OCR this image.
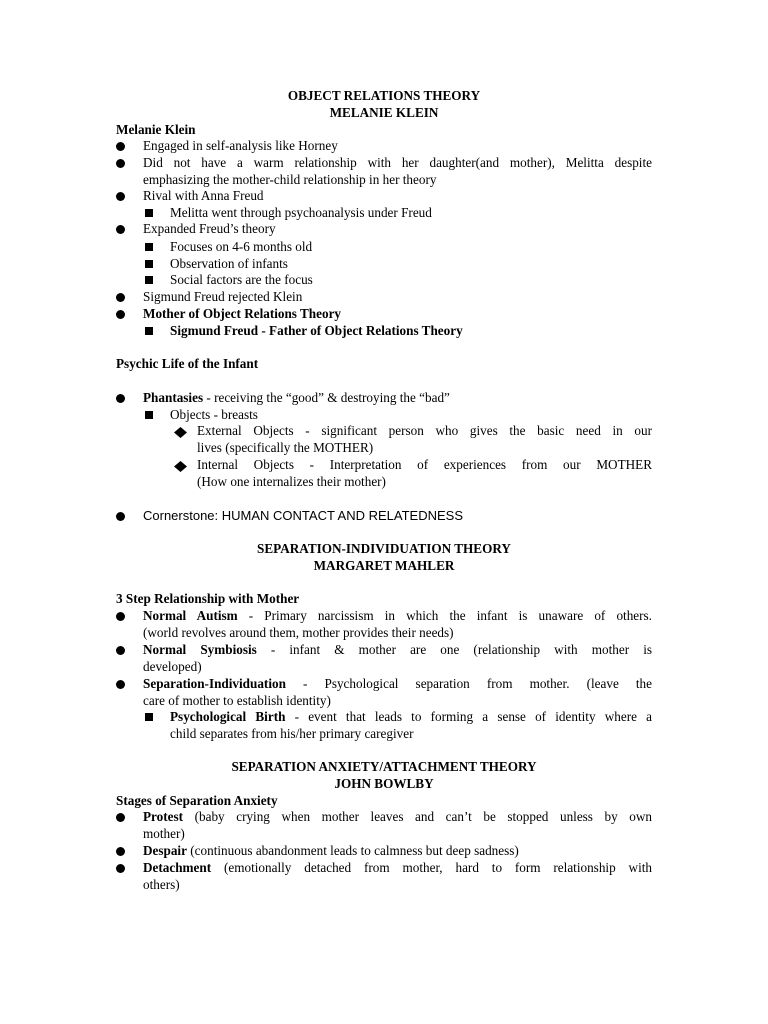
OBJECT RELATIONS THEORY

MELANIE KLEIN

Melanie Klein

Engaged in self-analysis like Horney

Did not have a warm relationship with her daughter(and mother), Melitta despite

emphasizing the mother-child relationship in her theory

Rival with Anna Freud

Melitta went through psychoanalysis under Freud

Expanded Freud’s theory

Focuses on 4-6 months old

Observation of infants

Social factors are the focus

Sigmund Freud rejected Klein

Mother of Object Relations Theory

Sigmund Freud - Father of Object Relations Theory

Psychic Life of the Infant

Phantasies - receiving the “good” & destroying the “bad”

Objects - breasts

External Objects - significant person who gives the basic need in our

lives (specifically the MOTHER)

Internal Objects - Interpretation of experiences from our MOTHER

(How one internalizes their mother)

Cornerstone: HUMAN CONTACT AND RELATEDNESS

SEPARATION-INDIVIDUATION THEORY

MARGARET MAHLER

3 Step Relationship with Mother

Normal Autism - Primary narcissism in which the infant is unaware of others.

(world revolves around them, mother provides their needs)

Normal Symbiosis - infant & mother are one (relationship with mother is

developed)

Separation-Individuation - Psychological separation from mother. (leave the

care of mother to establish identity)

Psychological Birth - event that leads to forming a sense of identity where a

child separates from his/her primary caregiver

SEPARATION ANXIETY/ATTACHMENT THEORY

JOHN BOWLBY

Stages of Separation Anxiety

Protest (baby crying when mother leaves and can’t be stopped unless by own

mother)

Despair (continuous abandonment leads to calmness but deep sadness)

Detachment (emotionally detached from mother, hard to form relationship with

others)
